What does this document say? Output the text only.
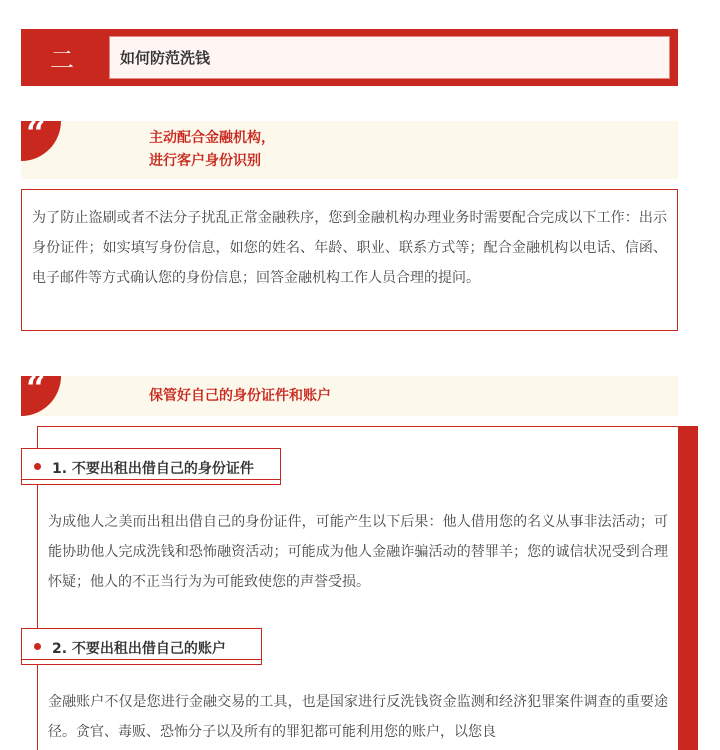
二	如何防范洗钱
“	主动配合金融机构，
进行客户身份识别
为了防止盗刷或者不法分子扰乱正常金融秩序，您到金融机构办理业务时需要配合完成以下工作：出示身份证件；如实填写身份信息，如您的姓名、年龄、职业、联系方式等；配合金融机构以电话、信函、电子邮件等方式确认您的身份信息；回答金融机构工作人员合理的提问。
“	保管好自己的身份证件和账户
1. 不要出租出借自己的身份证件
为成他人之美而出租出借自己的身份证件，可能产生以下后果：他人借用您的名义从事非法活动；可能协助他人完成洗钱和恐怖融资活动；可能成为他人金融诈骗活动的替罪羊；您的诚信状况受到合理怀疑；他人的不正当行为为可能致使您的声誉受损。
2. 不要出租出借自己的账户
金融账户不仅是您进行金融交易的工具，也是国家进行反洗钱资金监测和经济犯罪案件调查的重要途径。贪官、毒贩、恐怖分子以及所有的罪犯都可能利用您的账户，以您良
